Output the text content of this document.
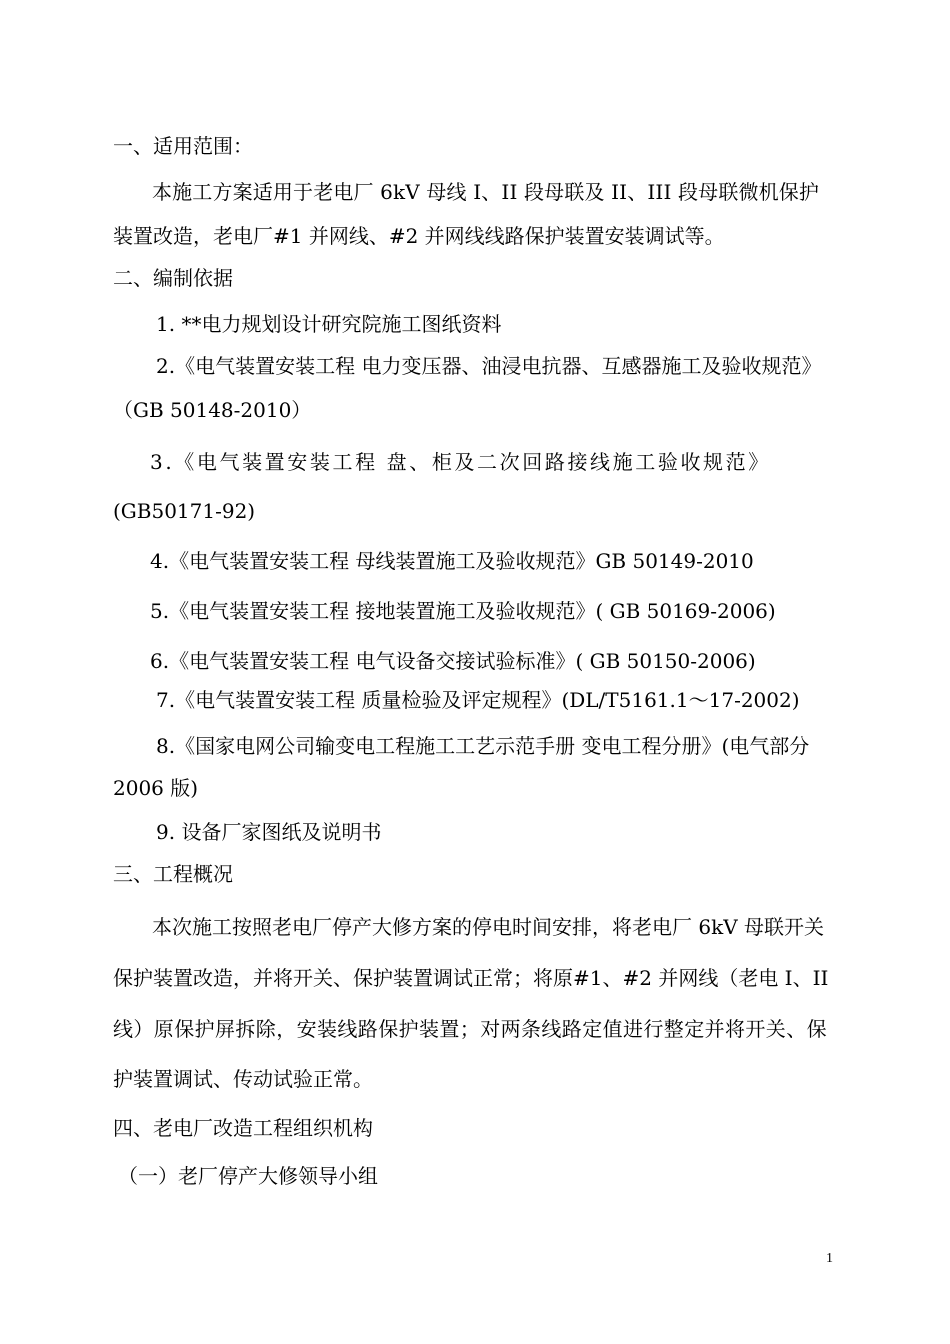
一、适用范围：
本施工方案适用于老电厂 6kV 母线 I、II 段母联及 II、III 段母联微机保护
装置改造，老电厂#1 并网线、#2 并网线线路保护装置安装调试等。
二、编制依据
1. **电力规划设计研究院施工图纸资料
2.《电气装置安装工程 电力变压器、油浸电抗器、互感器施工及验收规范》
（GB 50148-2010）
3.《电气装置安装工程 盘、柜及二次回路接线施工验收规范》
(GB50171-92)
4.《电气装置安装工程 母线装置施工及验收规范》GB 50149-2010
5.《电气装置安装工程 接地装置施工及验收规范》( GB 50169-2006)
6.《电气装置安装工程 电气设备交接试验标准》( GB 50150-2006)
7.《电气装置安装工程 质量检验及评定规程》(DL/T5161.1～17-2002)
8.《国家电网公司输变电工程施工工艺示范手册 变电工程分册》(电气部分
2006 版)
9. 设备厂家图纸及说明书
三、工程概况
本次施工按照老电厂停产大修方案的停电时间安排，将老电厂 6kV 母联开关
保护装置改造，并将开关、保护装置调试正常；将原#1、#2 并网线（老电 I、II
线）原保护屏拆除，安装线路保护装置；对两条线路定值进行整定并将开关、保
护装置调试、传动试验正常。
四、老电厂改造工程组织机构
（一）老厂停产大修领导小组
1
